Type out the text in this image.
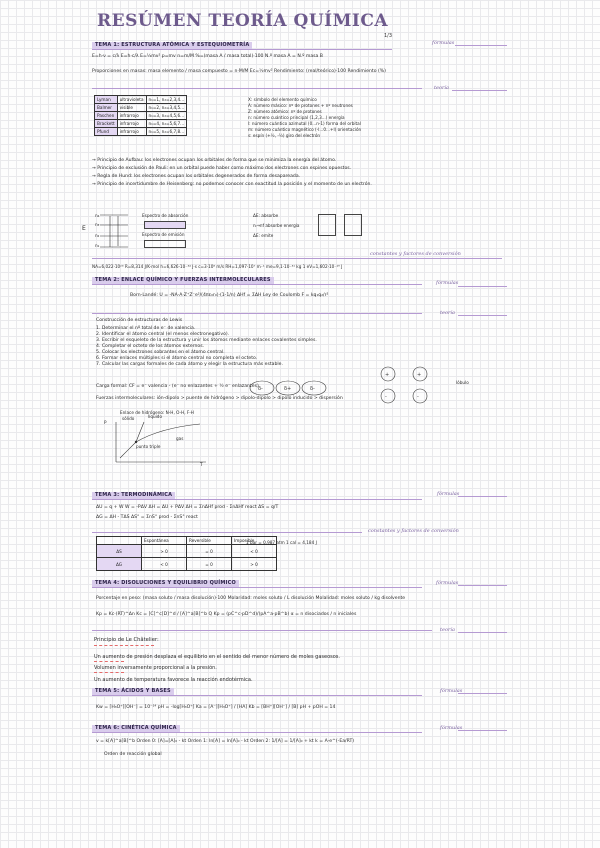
RESÚMEN TEORÍA QUÍMICA
1/3
TEMA 1: ESTRUCTURA ATÓMICA Y ESTEQUIOMETRÍA	fórmulas
E=h·ν = c/λ E=h·c/λ E=½mv² p=mv n=m/M %=(masa A / masa total)·100 N.º masa A = N.º masa B
Proporciones en masas: masa elemento / masa compuesto = n·M/M Ec=½mv² Rendimiento: (real/teórico)·100 Rendimiento (%)
teoría
Lyman	ultravioleta	n₁=1, n₂=2,3,4...
Balmer	visible	n₁=2, n₂=3,4,5...
Paschen	infrarrojo	n₁=3, n₂=4,5,6...
Brackett	infrarrojo	n₁=4, n₂=5,6,7...
Pfund	infrarrojo	n₁=5, n₂=6,7,8...
X: símbolo del elemento químico
A: número másico: nº de protones + nº neutrones
Z: número atómico: nº de protones
n: número cuántico principal (1,2,3...) energía
l: número cuántico azimutal (0...n-1) forma del orbital
m: número cuántico magnético (-l...0...+l) orientación
s: espín (+½, -½) giro del electrón
→ Principio de Aufbau: los electrones ocupan los orbitales de forma que se minimiza la energía del átomo.
→ Principio de exclusión de Pauli: en un orbital puede haber como máximo dos electrones con espines opuestos.
→ Regla de Hund: los electrones ocupan los orbitales degenerados de forma desapareada.
→ Principio de incertidumbre de Heisenberg: no podemos conocer con exactitud la posición y el momento de un electrón.
n₄
n₃
n₂
n₁
E
Espectro de absorción
Espectro de emisión
ΔE: absorbe
nᵢ→nf absorbe energía
ΔE: emite
constantes y factores de conversión
NA=6,022·10²³ R=8,314 J/K·mol h=6,626·10⁻³⁴ J·s c=3·10⁸ m/s RH=1,097·10⁷ m⁻¹ me=9,1·10⁻³¹ kg 1 eV=1,602·10⁻¹⁹ J
TEMA 2: ENLACE QUÍMICO Y FUERZAS INTERMOLECULARES	fórmulas
Born-Landé: U = -NA·A·Z⁺Z⁻e²/(4πε₀r₀)·(1-1/n) ΔHf = ΣΔH Ley de Coulomb F = kq₁q₂/r²
teoría
Construcción de estructuras de Lewis
1. Determinar el nº total de e⁻ de valencia.
2. Identificar el átomo central (el menos electronegativo).
3. Escribir el esqueleto de la estructura y unir los átomos mediante enlaces covalentes simples.
4. Completar el octeto de los átomos externos.
5. Colocar los electrones sobrantes en el átomo central.
6. Formar enlaces múltiples si el átomo central no completa el octeto.
7. Calcular las cargas formales de cada átomo y elegir la estructura más estable.
Carga formal: CF = e⁻ valencia - (e⁻ no enlazantes + ½ e⁻ enlazantes)
Fuerzas intermoleculares: ión-dipolo > puente de hidrógeno > dipolo-dipolo > dipolo inducido > dispersión
δ-	δ+	δ-
+
-
+
-
lóbulo
Enlace de hidrógeno: N-H, O-H, F-H
sólido	líquido
gas
punto triple
T
P
TEMA 3: TERMODINÁMICA	fórmulas
ΔU = q + W W = -PΔV ΔH = ΔU + PΔV ΔH = ΣnΔHf prod - ΣnΔHf react ΔS = q/T
ΔG = ΔH - TΔS ΔS° = ΣnS° prod - ΣnS° react
constantes y factores de conversión
	Espontánea	Reversible	Imposible
ΔS	> 0	= 0	< 0
ΔG	< 0	= 0	> 0
1 bar = 0,987 atm 1 cal = 4,184 J
TEMA 4: DISOLUCIONES Y EQUILIBRIO QUÍMICO	fórmulas
Porcentaje en peso: (masa soluto / masa disolución)·100 Molaridad: moles soluto / L disolución Molalidad: moles soluto / kg disolvente
Kp = Kc·(RT)^Δn Kc = [C]^c[D]^d / [A]^a[B]^b Q Kp = (pC^c·pD^d)/(pA^a·pB^b) α = n disociados / n iniciales
teoría
Principio de Le Châtelier:
Un aumento de presión desplaza el equilibrio en el sentido del menor número de moles gaseosos.
Volumen inversamente proporcional a la presión.
Un aumento de temperatura favorece la reacción endotérmica.
TEMA 5: ÁCIDOS Y BASES	fórmulas
Kw = [H₃O⁺][OH⁻] = 10⁻¹⁴ pH = -log[H₃O⁺] Ka = [A⁻][H₃O⁺] / [HA] Kb = [BH⁺][OH⁻] / [B] pH + pOH = 14
TEMA 6: CINÉTICA QUÍMICA	fórmulas
v = k[A]^a[B]^b Orden 0: [A]=[A]₀ - kt Orden 1: ln[A] = ln[A]₀ - kt Orden 2: 1/[A] = 1/[A]₀ + kt k = A·e^(-Ea/RT)
Orden de reacción global
